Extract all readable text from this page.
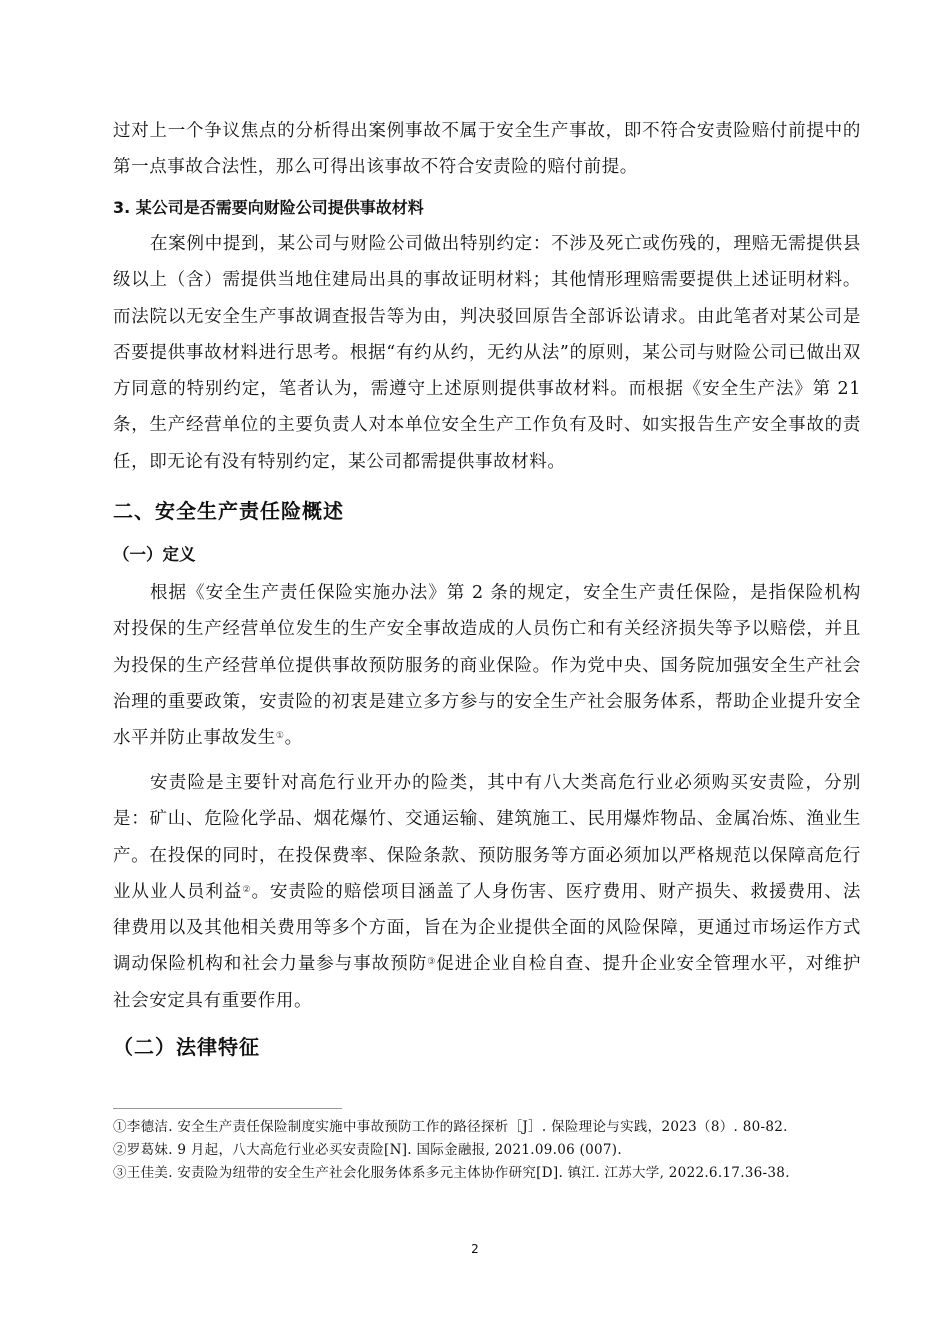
过对上一个争议焦点的分析得出案例事故不属于安全生产事故，即不符合安责险赔付前提中的第一点事故合法性，那么可得出该事故不符合安责险的赔付前提。

3. 某公司是否需要向财险公司提供事故材料

在案例中提到，某公司与财险公司做出特别约定：不涉及死亡或伤残的，理赔无需提供县级以上（含）需提供当地住建局出具的事故证明材料；其他情形理赔需要提供上述证明材料。而法院以无安全生产事故调查报告等为由，判决驳回原告全部诉讼请求。由此笔者对某公司是否要提供事故材料进行思考。根据“有约从约，无约从法”的原则，某公司与财险公司已做出双方同意的特别约定，笔者认为，需遵守上述原则提供事故材料。而根据《安全生产法》第 21 条，生产经营单位的主要负责人对本单位安全生产工作负有及时、如实报告生产安全事故的责任，即无论有没有特别约定，某公司都需提供事故材料。

二、安全生产责任险概述
（一）定义

根据《安全生产责任保险实施办法》第 2 条的规定，安全生产责任保险，是指保险机构对投保的生产经营单位发生的生产安全事故造成的人员伤亡和有关经济损失等予以赔偿，并且为投保的生产经营单位提供事故预防服务的商业保险。作为党中央、国务院加强安全生产社会治理的重要政策，安责险的初衷是建立多方参与的安全生产社会服务体系，帮助企业提升安全水平并防止事故发生①。

安责险是主要针对高危行业开办的险类，其中有八大类高危行业必须购买安责险，分别是：矿山、危险化学品、烟花爆竹、交通运输、建筑施工、民用爆炸物品、金属冶炼、渔业生产。在投保的同时，在投保费率、保险条款、预防服务等方面必须加以严格规范以保障高危行业从业人员利益②。安责险的赔偿项目涵盖了人身伤害、医疗费用、财产损失、救援费用、法律费用以及其他相关费用等多个方面，旨在为企业提供全面的风险保障，更通过市场运作方式调动保险机构和社会力量参与事故预防③促进企业自检自查、提升企业安全管理水平，对维护社会安定具有重要作用。

（二）法律特征

①李德洁. 安全生产责任保险制度实施中事故预防工作的路径探析［J］. 保险理论与实践，2023（8）. 80-82.

②罗葛妹. 9 月起，八大高危行业必买安责险[N]. 国际金融报, 2021.09.06 (007).

③王佳美. 安责险为纽带的安全生产社会化服务体系多元主体协作研究[D]. 镇江. 江苏大学, 2022.6.17.36-38.

2
